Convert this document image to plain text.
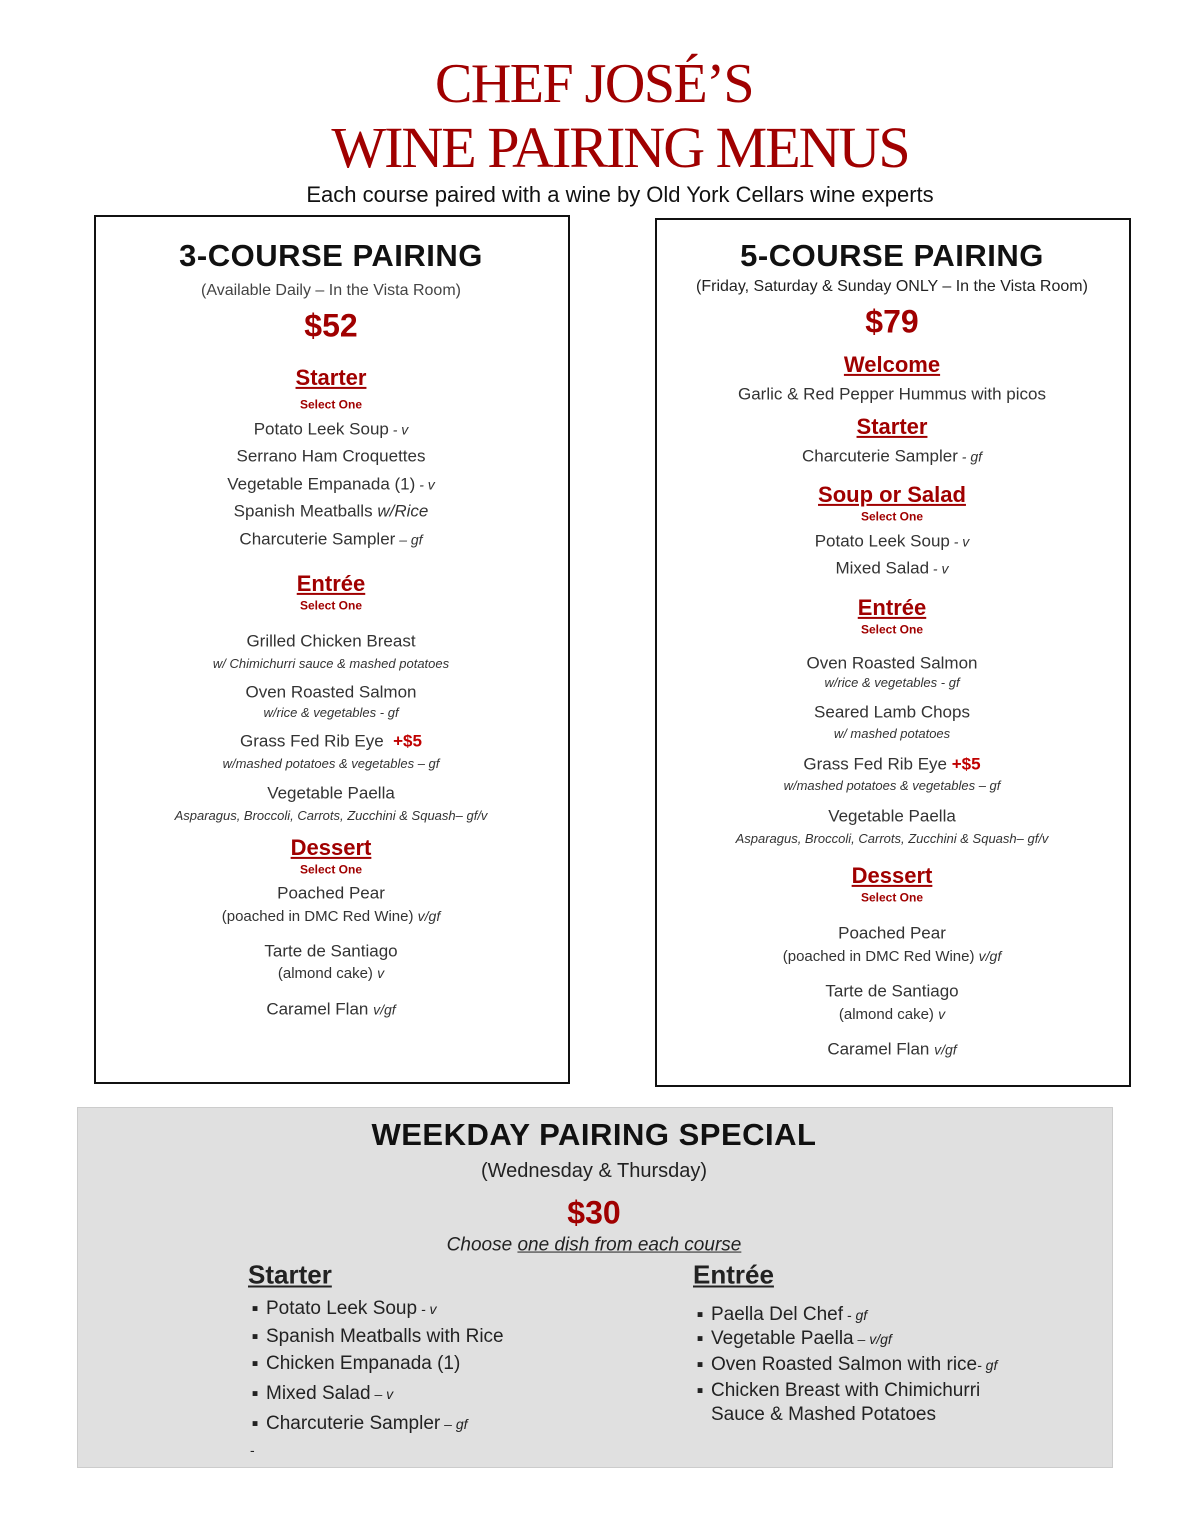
CHEF JOSÉ’S
WINE PAIRING MENUS
Each course paired with a wine by Old York Cellars wine experts
3-COURSE PAIRING
(Available Daily – In the Vista Room)
$52
Starter
Select One
Potato Leek Soup - v
Serrano Ham Croquettes
Vegetable Empanada (1) - v
Spanish Meatballs w/Rice
Charcuterie Sampler – gf
Entrée
Select One
Grilled Chicken Breast
w/ Chimichurri sauce & mashed potatoes
Oven Roasted Salmon
w/rice & vegetables - gf
Grass Fed Rib Eye +$5
w/mashed potatoes & vegetables – gf
Vegetable Paella
Asparagus, Broccoli, Carrots, Zucchini & Squash– gf/v
Dessert
Select One
Poached Pear
(poached in DMC Red Wine) v/gf
Tarte de Santiago
(almond cake) v
Caramel Flan v/gf
5-COURSE PAIRING
(Friday, Saturday & Sunday ONLY – In the Vista Room)
$79
Welcome
Garlic & Red Pepper Hummus with picos
Starter
Charcuterie Sampler - gf
Soup or Salad
Select One
Potato Leek Soup - v
Mixed Salad - v
Entrée
Select One
Oven Roasted Salmon
w/rice & vegetables - gf
Seared Lamb Chops
w/ mashed potatoes
Grass Fed Rib Eye +$5
w/mashed potatoes & vegetables – gf
Vegetable Paella
Asparagus, Broccoli, Carrots, Zucchini & Squash– gf/v
Dessert
Select One
Poached Pear
(poached in DMC Red Wine) v/gf
Tarte de Santiago
(almond cake) v
Caramel Flan v/gf
WEEKDAY PAIRING SPECIAL
(Wednesday & Thursday)
$30
Choose one dish from each course
Starter	Entrée
■ Potato Leek Soup - v
■ Spanish Meatballs with Rice
■ Chicken Empanada (1)
■ Mixed Salad – v
■ Charcuterie Sampler – gf
-
■ Paella Del Chef - gf
■ Vegetable Paella – v/gf
■ Oven Roasted Salmon with rice- gf
■ Chicken Breast with Chimichurri
Sauce & Mashed Potatoes
